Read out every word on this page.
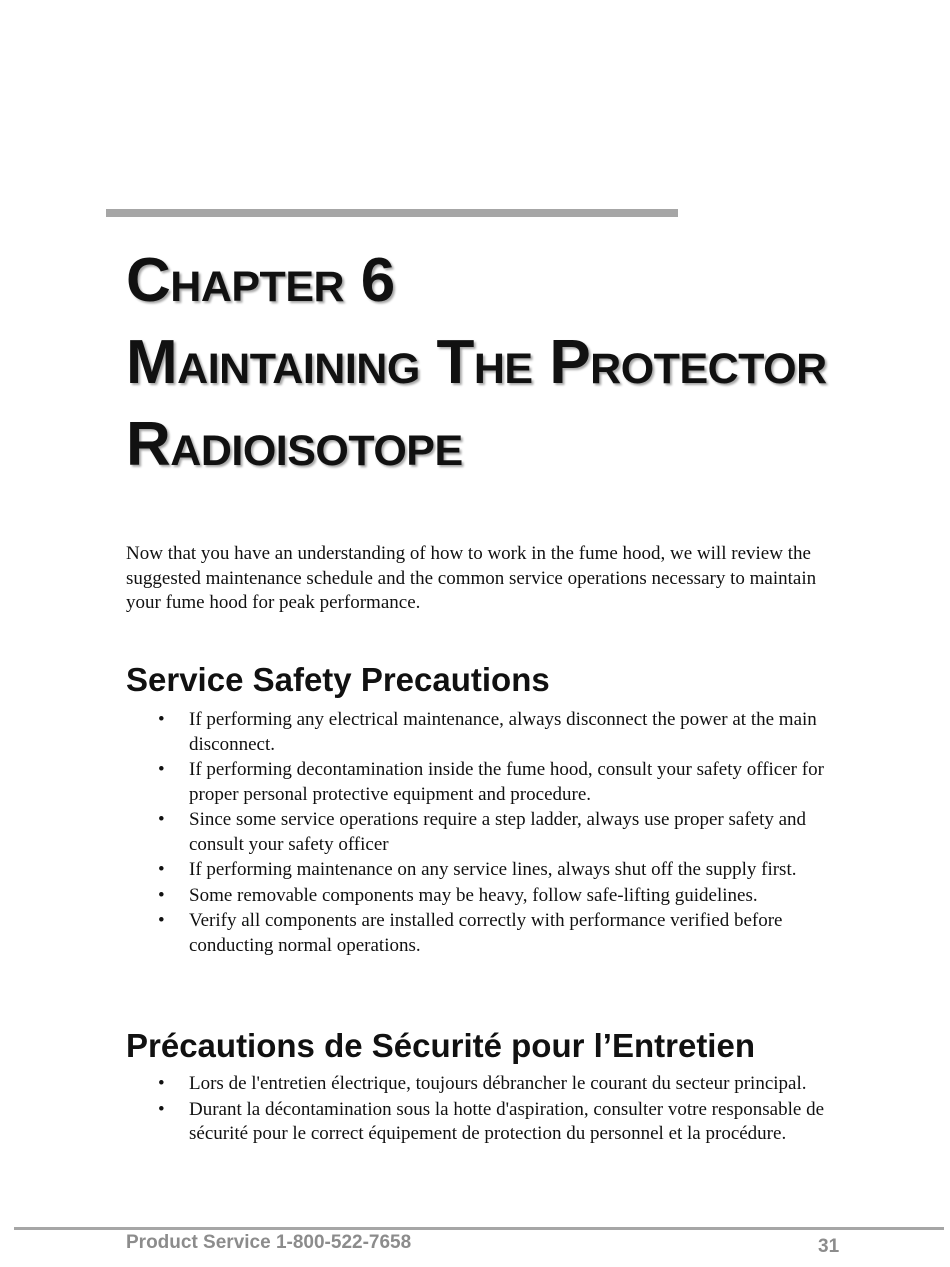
Chapter 6
Maintaining The Protector
Radioisotope

Now that you have an understanding of how to work in the fume hood, we will review the suggested maintenance schedule and the common service operations necessary to maintain your fume hood for peak performance.

Service Safety Precautions
• If performing any electrical maintenance, always disconnect the power at the main disconnect.
• If performing decontamination inside the fume hood, consult your safety officer for proper personal protective equipment and procedure.
• Since some service operations require a step ladder, always use proper safety and consult your safety officer
• If performing maintenance on any service lines, always shut off the supply first.
• Some removable components may be heavy, follow safe-lifting guidelines.
• Verify all components are installed correctly with performance verified before conducting normal operations.
Précautions de Sécurité pour l’Entretien
• Lors de l'entretien électrique, toujours débrancher le courant du secteur principal.
• Durant la décontamination sous la hotte d'aspiration, consulter votre responsable de sécurité pour le correct équipement de protection du personnel et la procédure.
Product Service 1-800-522-7658	31
